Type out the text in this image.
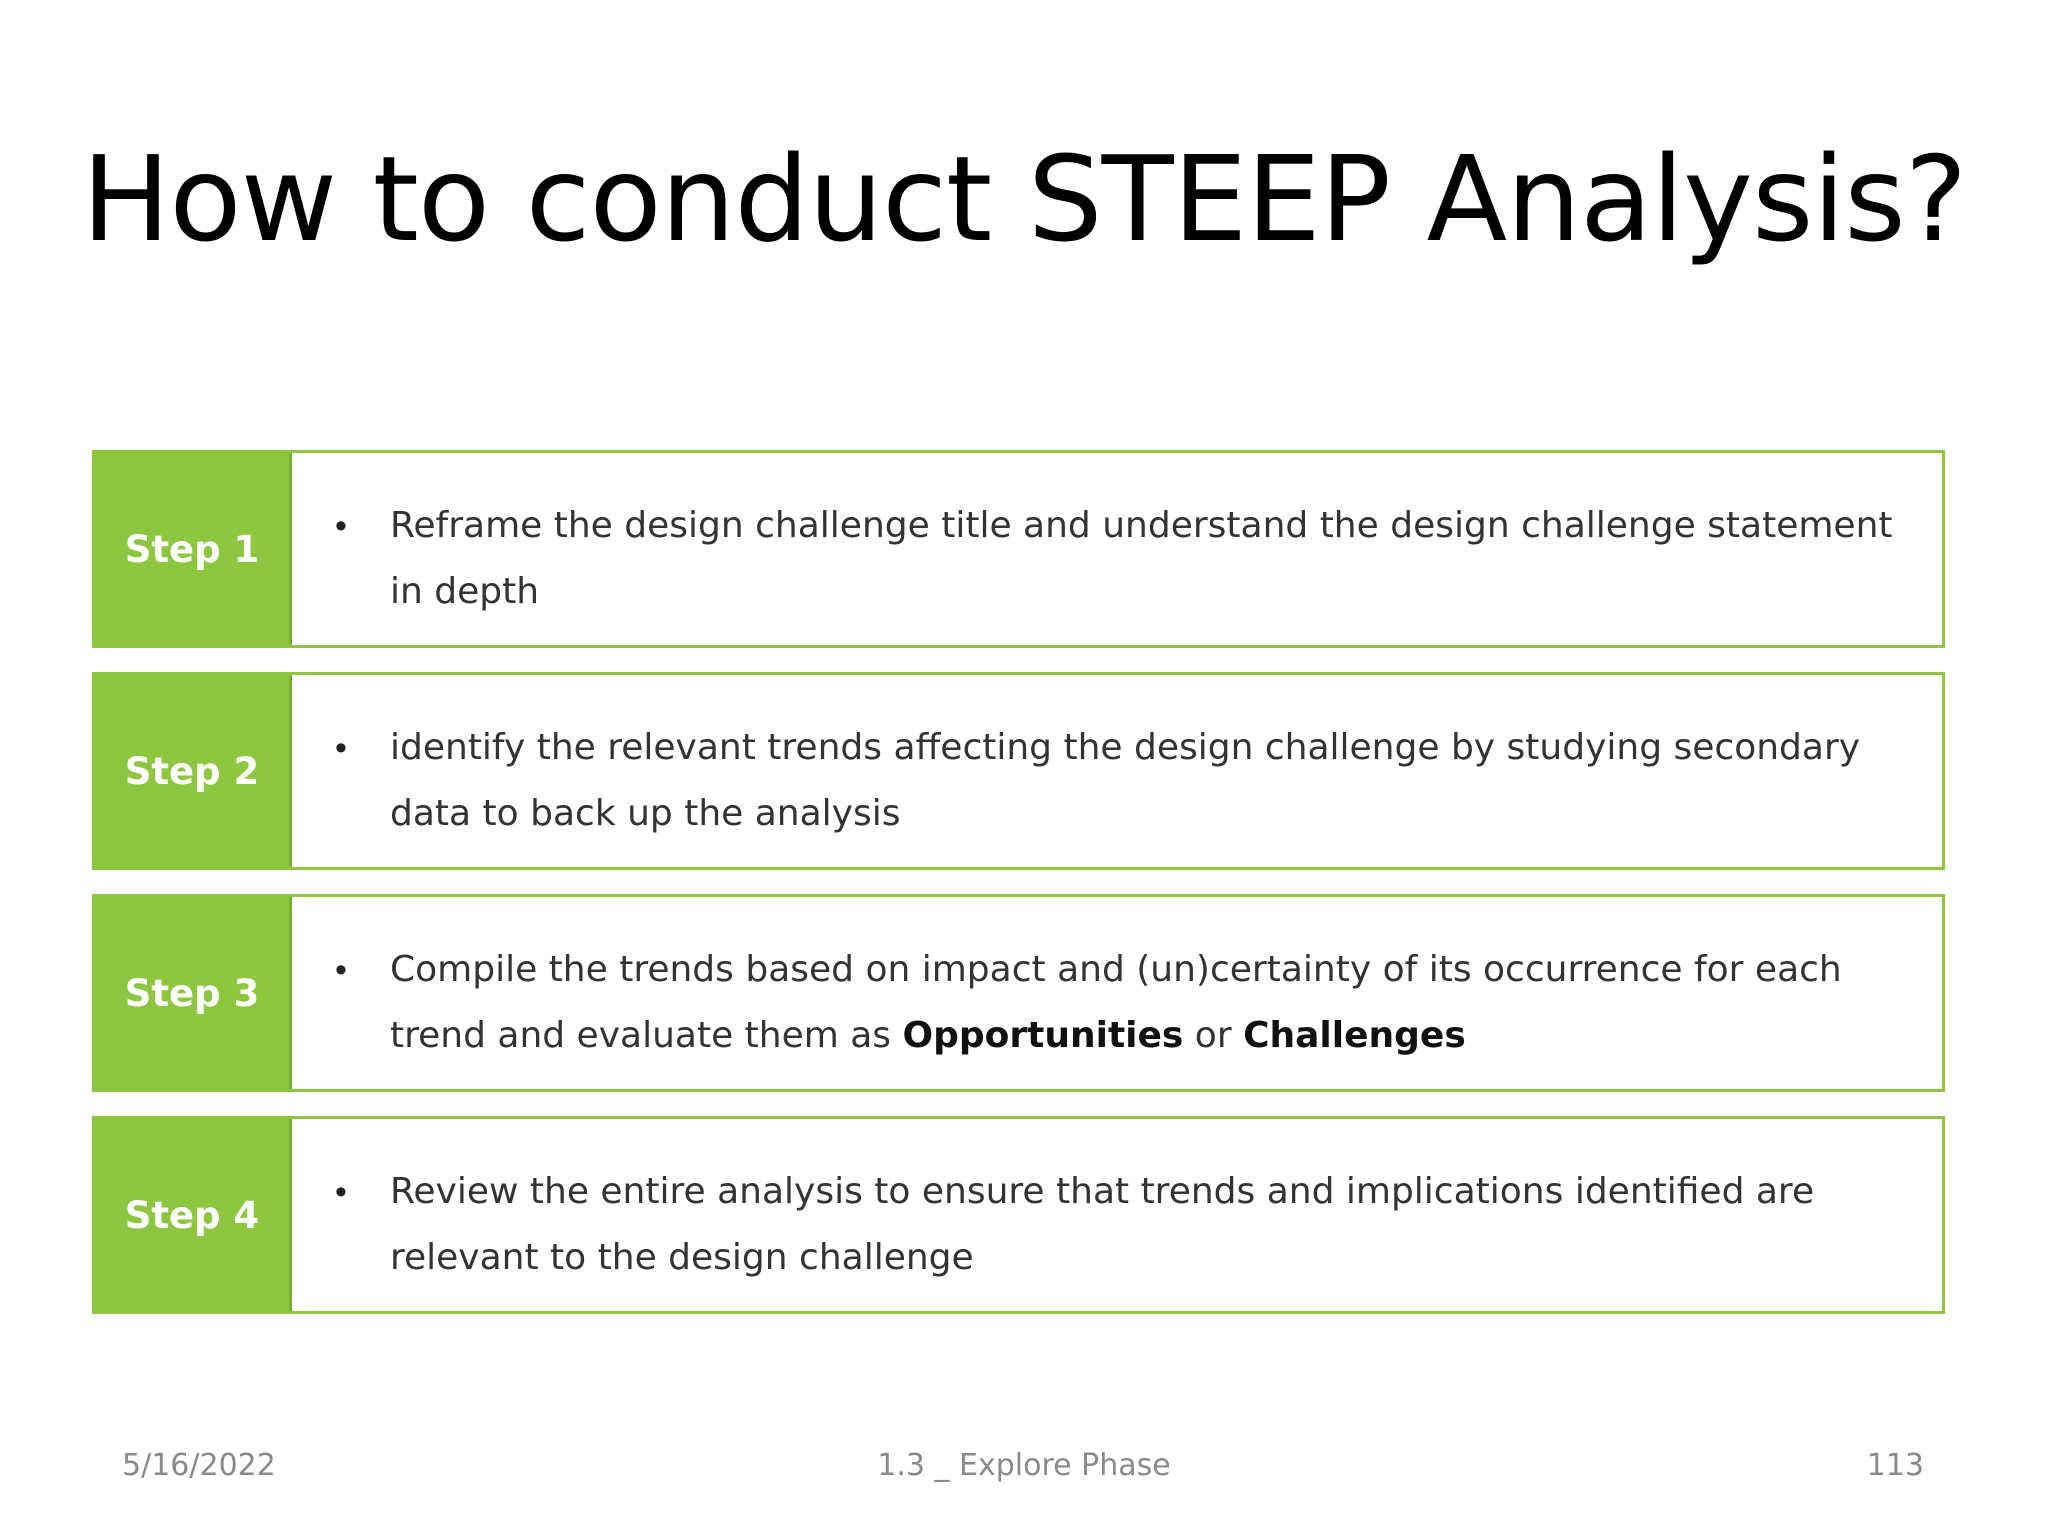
How to conduct STEEP Analysis?
Step 1
•	Reframe the design challenge title and understand the design challenge statement in depth
Step 2
•	identify the relevant trends affecting the design challenge by studying secondary data to back up the analysis
Step 3
•	Compile the trends based on impact and (un)certainty of its occurrence for each trend and evaluate them as Opportunities or Challenges
Step 4
•	Review the entire analysis to ensure that trends and implications identified are relevant to the design challenge
5/16/2022	1.3 _ Explore Phase	113
